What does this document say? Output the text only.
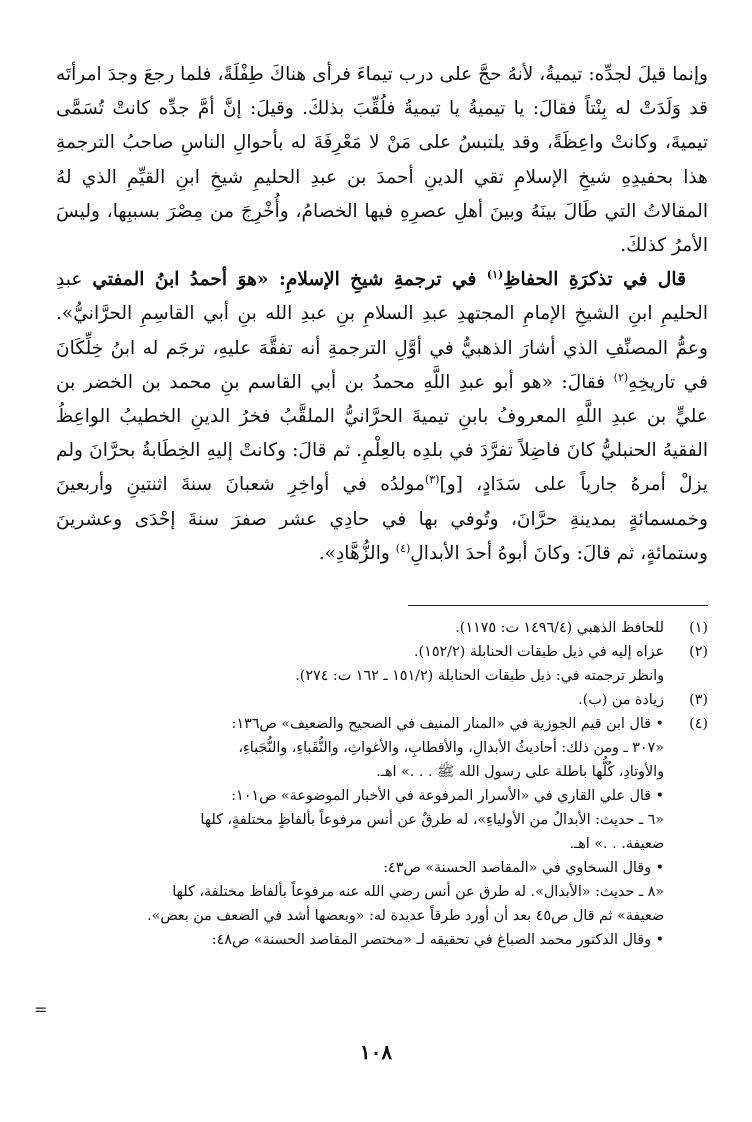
وإنما قيلَ لجدِّه: تيميةُ، لأنهُ حجَّ على درب تيماءَ فرأى هناكَ طِفْلَةً، فلما رجعَ وجدَ امرأتَه قد وَلَدَتْ له بِنْتاً فقالَ: يا تيميةُ يا تيميةُ فلُقِّبَ بذلكَ. وقيلَ: إنَّ أمَّ جدِّه كانتْ تُسَمَّى تيميةَ، وكانتْ واعِظَةً، وقد يلتبسُ على مَنْ لا مَعْرِفَةَ له بأحوالِ الناسِ صاحبُ الترجمةِ هذا بحفيدِهِ شيخِ الإسلامِ تقي الدينِ أحمدَ بن عبدِ الحليمِ شيخِ ابنِ القيِّمِ الذي لهُ المقالاتُ التي طَالَ بينَهُ وبينَ أهلِ عصرِهِ فيها الخصامُ، وأُخْرِجَ من مِصْرَ بسببِها، وليسَ الأمرُ كذلكَ.

قال في تذكرَةِ الحفاظِ$^{(١)}$ في ترجمةِ شيخِ الإسلامِ: «هوَ أحمدُ ابنُ المفتي عبدِ الحليمِ ابنِ الشيخِ الإمامِ المجتهدِ عبدِ السلامِ بنِ عبدِ الله بنِ أبي القاسِمِ الحرَّانيُّ». وعمُّ المصنِّفِ الذي أشارَ الذهبيُّ في أوَّلِ الترجمةِ أنه تفقَّهَ عليهِ، ترجَم له ابنُ خِلِّكَانَ في تاريخِهِ$^{(٢)}$ فقالَ: «هو أبو عبدِ اللَّهِ محمدُ بن أبي القاسم بنِ محمد بن الخضر بن عليٍّ بن عبدِ اللَّهِ المعروفُ بابنِ تيميةَ الحرَّانيُّ الملقَّبُ فخرُ الدينِ الخطيبُ الواعِظُ الفقيهُ الحنبليُّ كانَ فاضِلاً تفرَّدَ في بلدِه بالعِلْمِ. ثم قالَ: وكانتْ إليهِ الخِطَابةُ بحرَّانَ ولم يزلْ أمرهُ جارياً على سَدَادٍ، [و]$^{(٣)}$مولدُه في أواخِرِ شعبانَ سنةَ اثنتينِ وأربعينَ وخمسمائةٍ بمدينةِ حرَّانَ، وتُوفي بها في حادِي عشر صفرَ سنةَ إحْدَى وعشرينَ وستمائةٍ، ثم قالَ: وكانَ أبوهُ أحدَ الأبدالِ$^{(٤)}$ والزُّهَّادِ».

(١)
للحافظ الذهبي (١٤٩٦/٤ ت: ١١٧٥).
(٢)
عزاه إليه في ذيل طبقات الحنابلة (١٥٢/٢).
وانظر ترجمته في: ذيل طبقات الحنابلة (١٥١/٢ ـ ١٦٢ ت: ٢٧٤).
(٣)
زيادة من (ب).
(٤)
• قال ابن قيم الجوزية في «المنار المنيف في الصحيح والضعيف» ص١٣٦:
«٣٠٧ ـ ومن ذلك: أحاديثُ الأبدالِ، والأقطابِ، والأغواثِ، والنُّقَباءِ، والنُّجَباءِ،
والأوتادِ، كُلُّها باطلة على رسول الله ﷺ . . .» اهـ.
• قال علي القاري في «الأسرار المرفوعة في الأخبار الموضوعة» ص١٠١:
«٦ ـ حديث: الأبدالُ من الأولياءِ»، له طرقٌ عن أنس مرفوعاً بألفاظٍ مختلفةٍ، كلها
ضعيفة. . .» اهـ.
• وقال السخاوي في «المقاصد الحسنة» ص٤٣:
«٨ ـ حديث: «الأبدال». له طرق عن أنس رضي الله عنه مرفوعاً بألفاظ مختلفة، كلها
ضعيفة» ثم قال ص٤٥ بعد أن أورد طرقاً عديدة له: «وبعضها أشد في الضعف من بعض».
• وقال الدكتور محمد الصباغ في تحقيقه لـ «مختصر المقاصد الحسنة» ص٤٨:
=
١٠٨
